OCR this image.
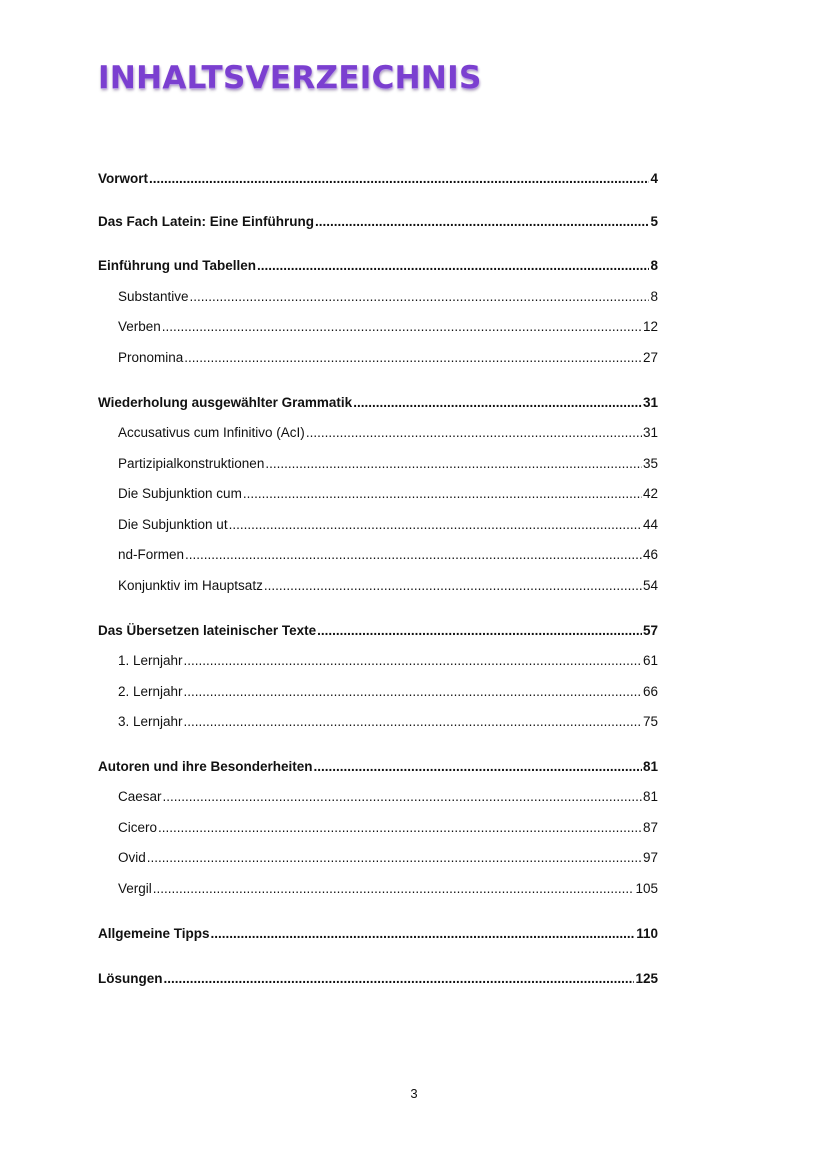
INHALTSVERZEICHNIS
Vorwort .....	4
Das Fach Latein: Eine Einführung .....	5
Einführung und Tabellen .....	8
Substantive .....	8
Verben .....	12
Pronomina .....	27
Wiederholung ausgewählter Grammatik .....	31
Accusativus cum Infinitivo (AcI) .....	31
Partizipialkonstruktionen .....	35
Die Subjunktion cum .....	42
Die Subjunktion ut .....	44
nd-Formen .....	46
Konjunktiv im Hauptsatz .....	54
Das Übersetzen lateinischer Texte .....	57
1. Lernjahr .....	61
2. Lernjahr .....	66
3. Lernjahr .....	75
Autoren und ihre Besonderheiten .....	81
Caesar .....	81
Cicero .....	87
Ovid .....	97
Vergil .....	105
Allgemeine Tipps .....	110
Lösungen .....	125
3
